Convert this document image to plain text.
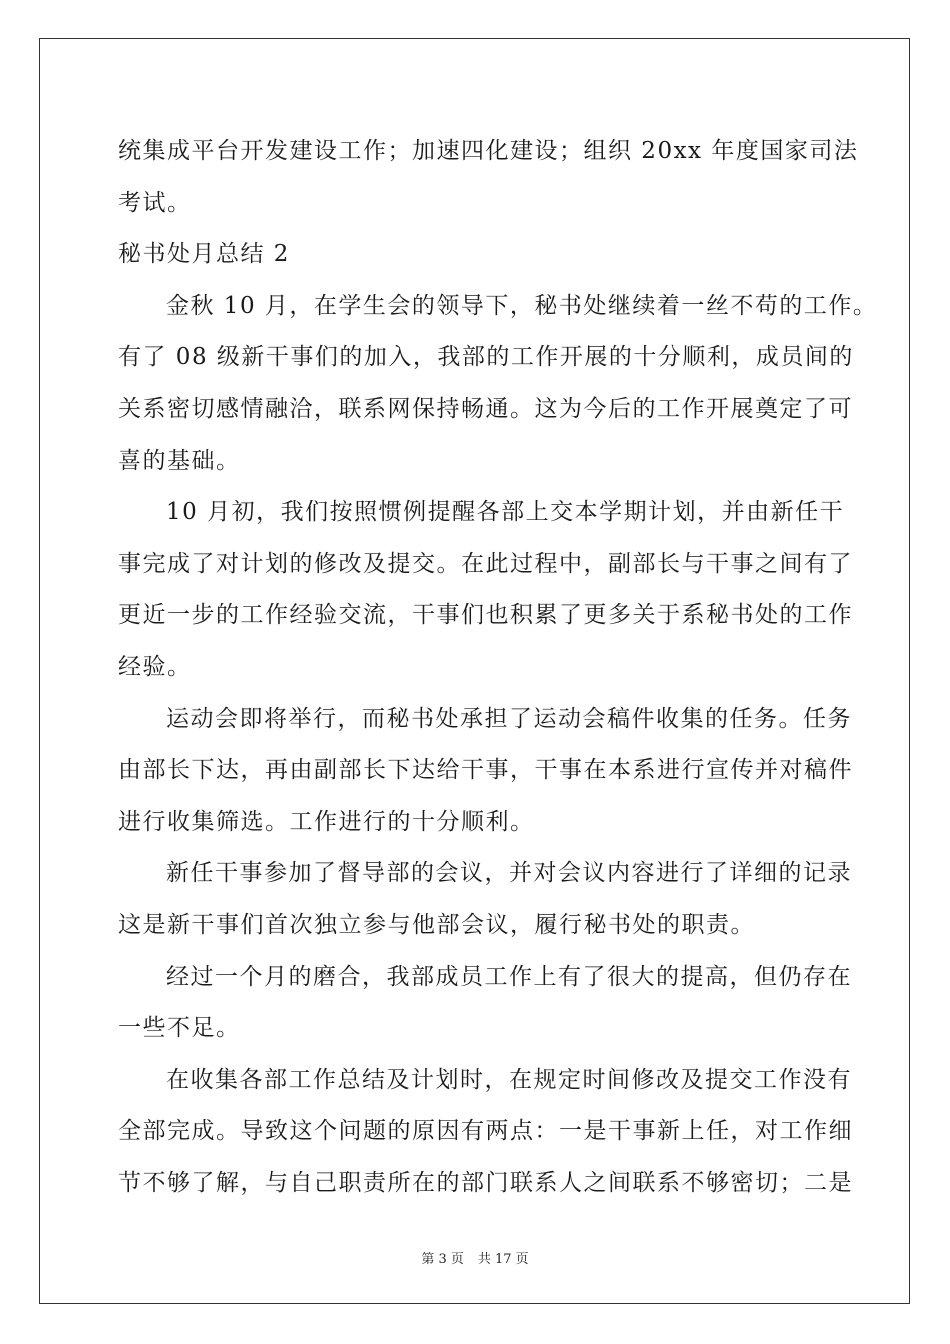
统集成平台开发建设工作；加速四化建设；组织 20xx 年度国家司法
考试。
秘书处月总结 2
金秋 10 月，在学生会的领导下，秘书处继续着一丝不苟的工作。
有了 08 级新干事们的加入，我部的工作开展的十分顺利，成员间的
关系密切感情融洽，联系网保持畅通。这为今后的工作开展奠定了可
喜的基础。
10 月初，我们按照惯例提醒各部上交本学期计划，并由新任干
事完成了对计划的修改及提交。在此过程中，副部长与干事之间有了
更近一步的工作经验交流，干事们也积累了更多关于系秘书处的工作
经验。
运动会即将举行，而秘书处承担了运动会稿件收集的任务。任务
由部长下达，再由副部长下达给干事，干事在本系进行宣传并对稿件
进行收集筛选。工作进行的十分顺利。
新任干事参加了督导部的会议，并对会议内容进行了详细的记录
这是新干事们首次独立参与他部会议，履行秘书处的职责。
经过一个月的磨合，我部成员工作上有了很大的提高，但仍存在
一些不足。
在收集各部工作总结及计划时，在规定时间修改及提交工作没有
全部完成。导致这个问题的原因有两点：一是干事新上任，对工作细
节不够了解，与自己职责所在的部门联系人之间联系不够密切；二是
第 3 页 共 17 页
